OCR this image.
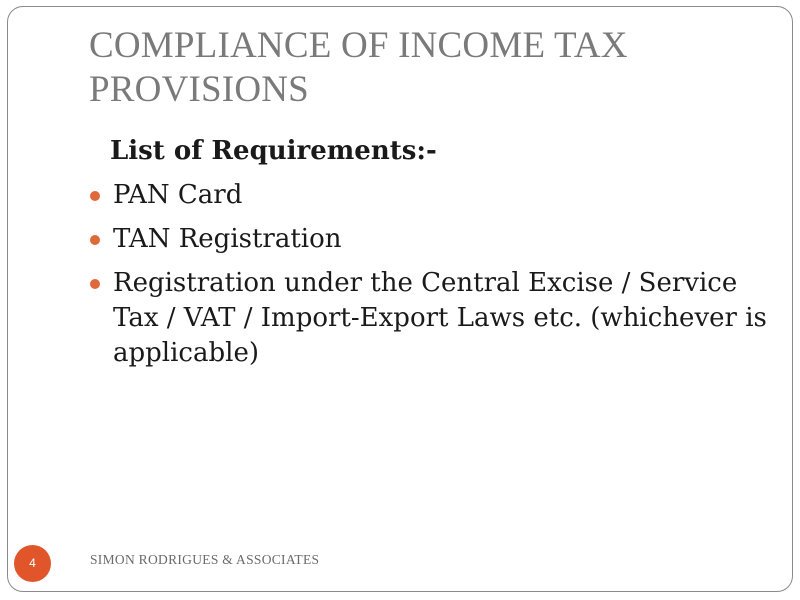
COMPLIANCE OF INCOME TAX
PROVISIONS

List of Requirements:-

PAN Card
TAN Registration
Registration under the Central Excise / Service Tax / VAT / Import-Export Laws etc. (whichever is applicable)
4	SIMON RODRIGUES & ASSOCIATES
